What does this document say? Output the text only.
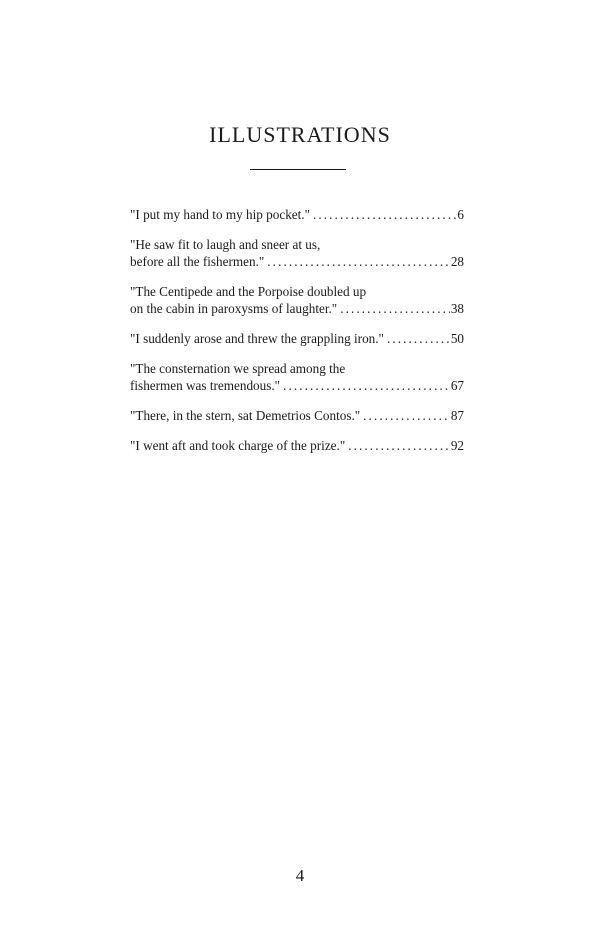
ILLUSTRATIONS
"I put my hand to my hip pocket." . . .	6
"He saw fit to laugh and sneer at us,
before all the fishermen." . . .	28
"The Centipede and the Porpoise doubled up
on the cabin in paroxysms of laughter." . . .	38
"I suddenly arose and threw the grappling iron." . . .	50
"The consternation we spread among the
fishermen was tremendous." . . .	67
"There, in the stern, sat Demetrios Contos." . . .	87
"I went aft and took charge of the prize." . . .	92
4
